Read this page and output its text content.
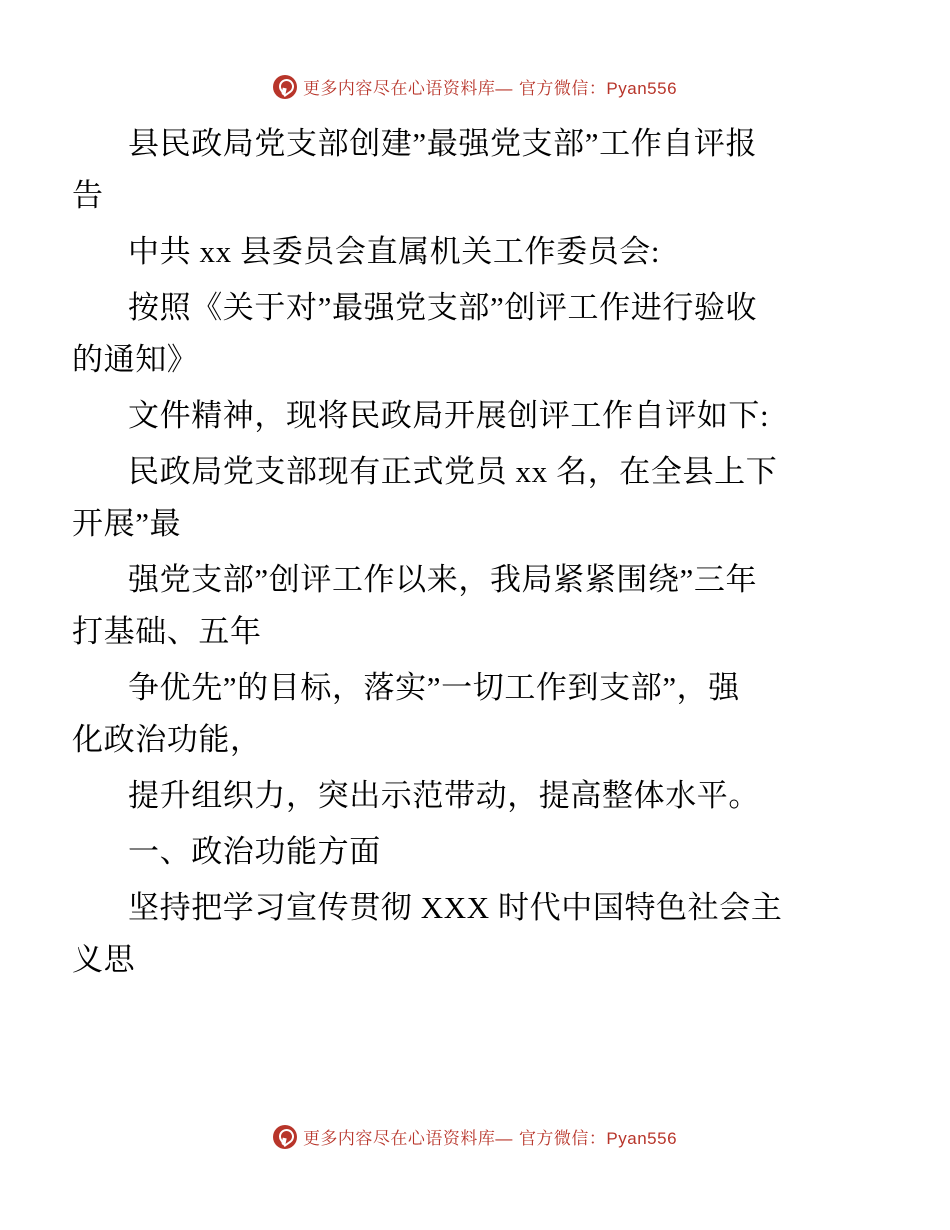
更多内容尽在心语资料库— 官方微信：Pyan556

县民政局党支部创建”最强党支部”工作自评报
告

中共 xx 县委员会直属机关工作委员会:

按照《关于对”最强党支部”创评工作进行验收
的通知》

文件精神，现将民政局开展创评工作自评如下:

民政局党支部现有正式党员 xx 名，在全县上下
开展”最

强党支部”创评工作以来，我局紧紧围绕”三年
打基础、五年

争优先”的目标，落实”一切工作到支部”，强
化政治功能，

提升组织力，突出示范带动，提高整体水平。

一、政治功能方面

坚持把学习宣传贯彻 XXX 时代中国特色社会主
义思

更多内容尽在心语资料库— 官方微信：Pyan556
